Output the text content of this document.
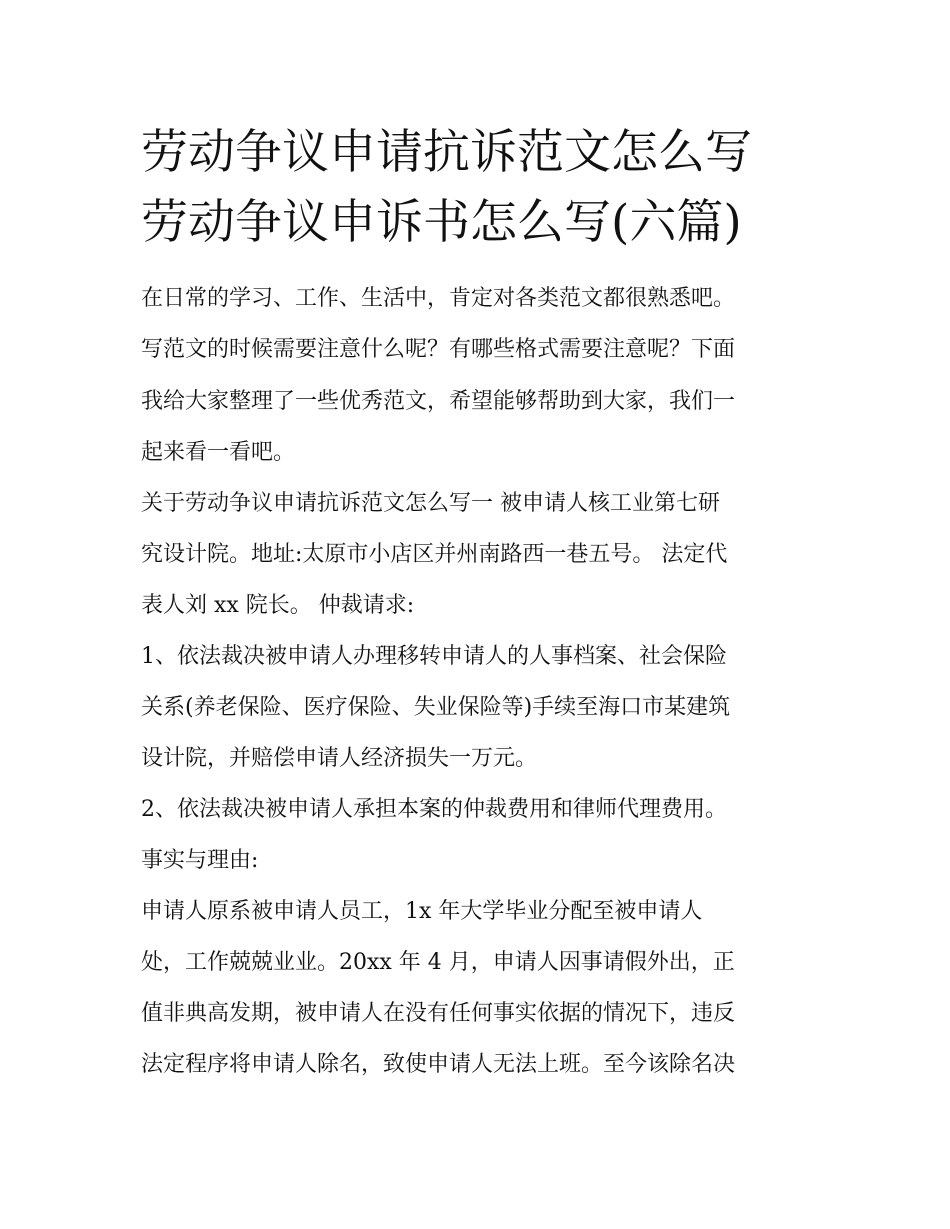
劳动争议申请抗诉范文怎么写
劳动争议申诉书怎么写(六篇)
在日常的学习、工作、生活中，肯定对各类范文都很熟悉吧。
写范文的时候需要注意什么呢？有哪些格式需要注意呢？下面
我给大家整理了一些优秀范文，希望能够帮助到大家，我们一
起来看一看吧。
关于劳动争议申请抗诉范文怎么写一 被申请人核工业第七研
究设计院。地址:太原市小店区并州南路西一巷五号。 法定代
表人刘 xx 院长。 仲裁请求:
1、依法裁决被申请人办理移转申请人的人事档案、社会保险
关系(养老保险、医疗保险、失业保险等)手续至海口市某建筑
设计院，并赔偿申请人经济损失一万元。
2、依法裁决被申请人承担本案的仲裁费用和律师代理费用。
事实与理由:
申请人原系被申请人员工，1x 年大学毕业分配至被申请人
处，工作兢兢业业。20xx 年 4 月，申请人因事请假外出，正
值非典高发期，被申请人在没有任何事实依据的情况下，违反
法定程序将申请人除名，致使申请人无法上班。至今该除名决
